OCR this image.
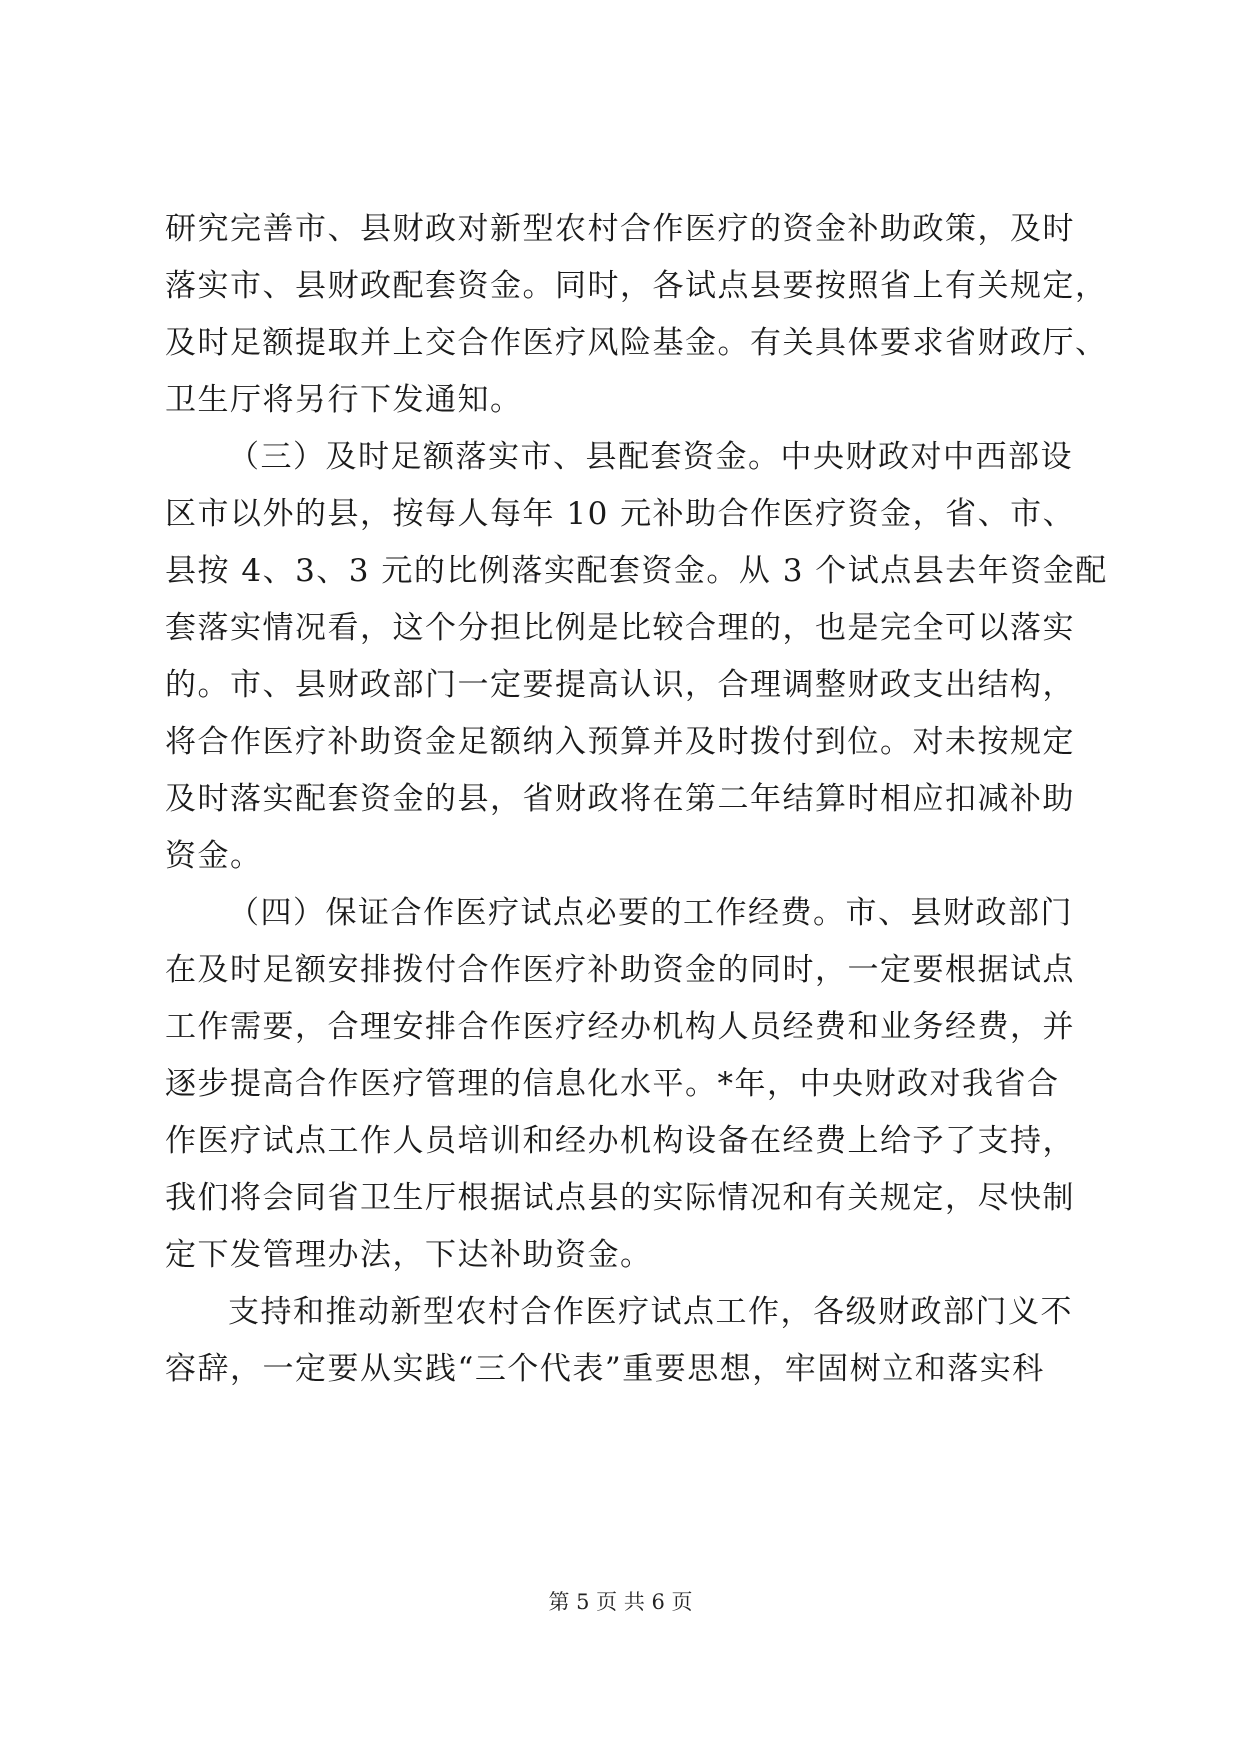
研究完善市、县财政对新型农村合作医疗的资金补助政策，及时
落实市、县财政配套资金。同时，各试点县要按照省上有关规定，
及时足额提取并上交合作医疗风险基金。有关具体要求省财政厅、
卫生厅将另行下发通知。
（三）及时足额落实市、县配套资金。中央财政对中西部设
区市以外的县，按每人每年 10 元补助合作医疗资金，省、市、
县按 4、3、3 元的比例落实配套资金。从 3 个试点县去年资金配
套落实情况看，这个分担比例是比较合理的，也是完全可以落实
的。市、县财政部门一定要提高认识，合理调整财政支出结构，
将合作医疗补助资金足额纳入预算并及时拨付到位。对未按规定
及时落实配套资金的县，省财政将在第二年结算时相应扣减补助
资金。
（四）保证合作医疗试点必要的工作经费。市、县财政部门
在及时足额安排拨付合作医疗补助资金的同时，一定要根据试点
工作需要，合理安排合作医疗经办机构人员经费和业务经费，并
逐步提高合作医疗管理的信息化水平。*年，中央财政对我省合
作医疗试点工作人员培训和经办机构设备在经费上给予了支持，
我们将会同省卫生厅根据试点县的实际情况和有关规定，尽快制
定下发管理办法，下达补助资金。
支持和推动新型农村合作医疗试点工作，各级财政部门义不
容辞，一定要从实践“三个代表”重要思想，牢固树立和落实科
第 5 页 共 6 页
